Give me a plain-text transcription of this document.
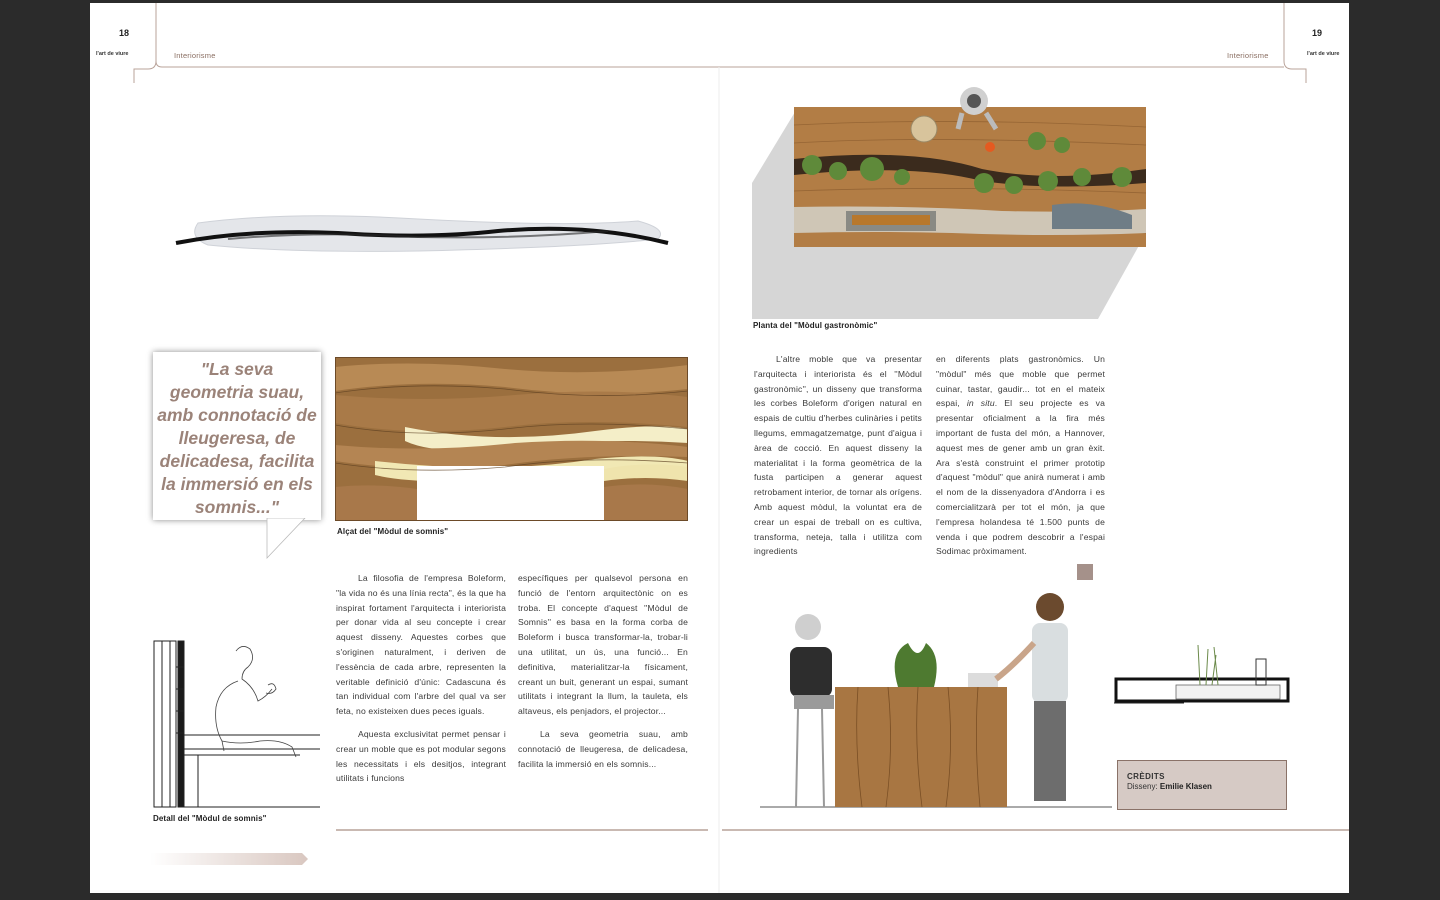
18
l'art de viure	Interiorisme
19
l'art de viure
Interiorisme
"La seva geometria suau, amb connotació de lleugeresa, de delicadesa, facilita la immersió en els somnis..."
Alçat del "Mòdul de somnis"
Detall del "Mòdul de somnis"

La filosofia de l'empresa Boleform, "la vida no és una línia recta", és la que ha inspirat fortament l'arquitecta i interiorista per donar vida al seu concepte i crear aquest disseny. Aquestes corbes que s'originen naturalment, i deriven de l'essència de cada arbre, representen la veritable definició d'únic: Cadascuna és tan individual com l'arbre del qual va ser feta, no existeixen dues peces iguals.

Aquesta exclusivitat permet pensar i crear un moble que es pot modular segons les necessitats i els desitjos, integrant utilitats i funcions

específiques per qualsevol persona en funció de l'entorn arquitectònic on es troba. El concepte d'aquest ''Mòdul de Somnis'' es basa en la forma corba de Boleform i busca transformar-la, trobar-li una utilitat, un ús, una funció... En definitiva, materialitzar-la físicament, creant un buit, generant un espai, sumant utilitats i integrant la llum, la tauleta, els altaveus, els penjadors, el projector...

La seva geometria suau, amb connotació de lleugeresa, de delicadesa, facilita la immersió en els somnis...

Planta del "Mòdul gastronòmic"

L'altre moble que va presentar l'arquitecta i interiorista és el ''Mòdul gastronòmic'', un disseny que transforma les corbes Boleform d'origen natural en espais de cultiu d'herbes culinàries i petits llegums, emmagatzematge, punt d'aigua i àrea de cocció. En aquest disseny la materialitat i la forma geomètrica de la fusta participen a generar aquest retrobament interior, de tornar als orígens. Amb aquest mòdul, la voluntat era de crear un espai de treball on es cultiva, transforma, neteja, talla i utilitza com ingredients

en diferents plats gastronòmics. Un "mòdul" més que moble que permet cuinar, tastar, gaudir... tot en el mateix espai, in situ. El seu projecte es va presentar oficialment a la fira més important de fusta del món, a Hannover, aquest mes de gener amb un gran èxit. Ara s'està construint el primer prototip d'aquest "mòdul" que anirà numerat i amb el nom de la dissenyadora d'Andorra i es comercialitzarà per tot el món, ja que l'empresa holandesa té 1.500 punts de venda i que podrem descobrir a l'espai Sodimac pròximament.

CRÈDITS
Disseny: Emilie Klasen
